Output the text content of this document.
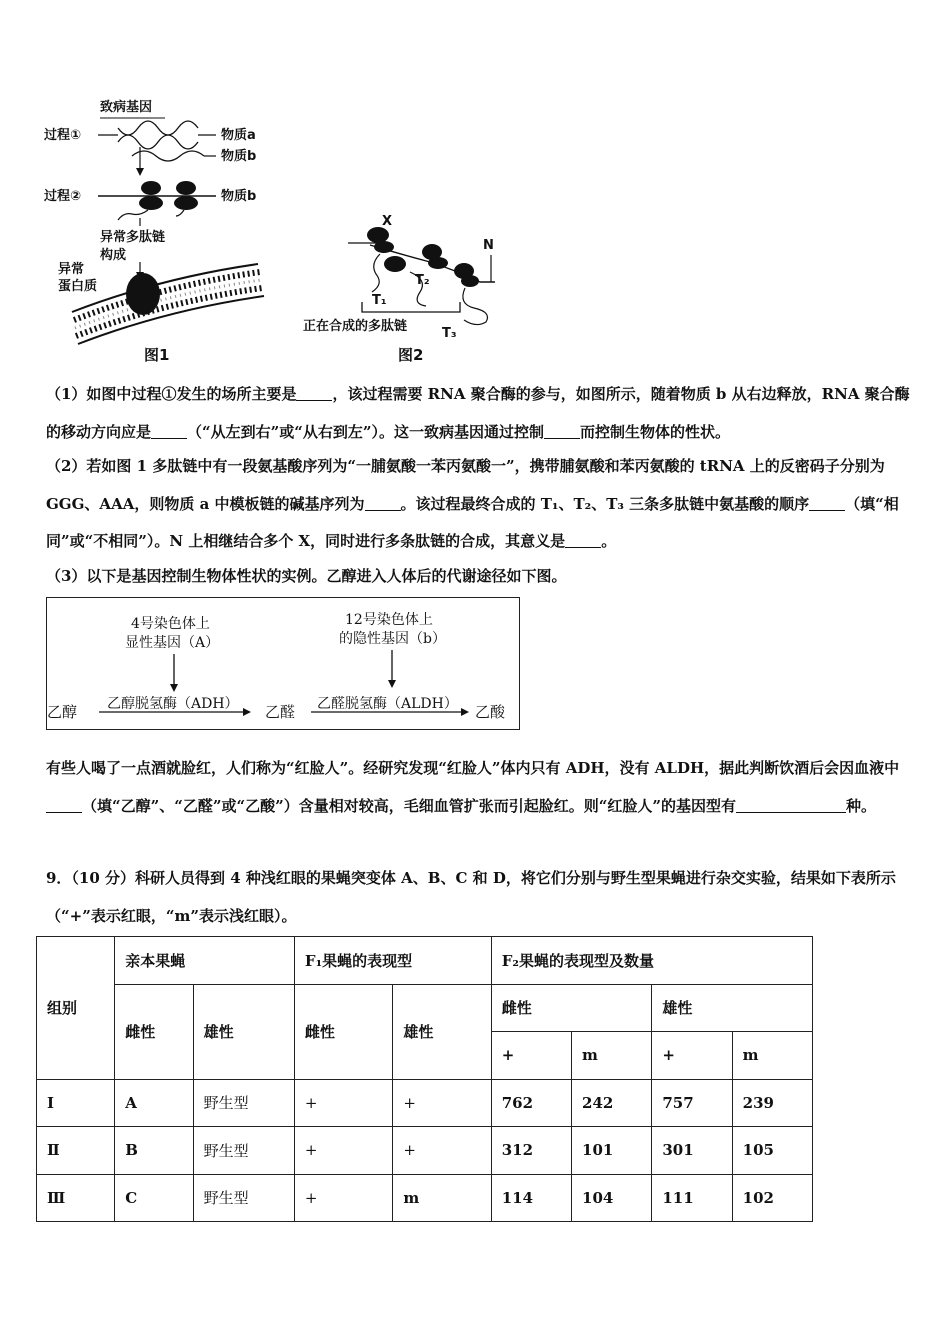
致病基因
过程①	物质a
物质b
过程②	物质b
异常多肽链
构成
异常
蛋白质
图1
X
N
T₁
T₂
T₃
正在合成的多肽链
图2

（1）如图中过程①发生的场所主要是 ，该过程需要 RNA 聚合酶的参与，如图所示，随着物质 b 从右边释放，RNA 聚合酶的移动方向应是 （“从左到右”或“从右到左”）。这一致病基因通过控制 而控制生物体的性状。

（2）若如图 1 多肽链中有一段氨基酸序列为“一脯氨酸一苯丙氨酸一”，携带脯氨酸和苯丙氨酸的 tRNA 上的反密码子分别为 GGG、AAA，则物质 a 中模板链的碱基序列为 。该过程最终合成的 T₁、T₂、T₃ 三条多肽链中氨基酸的顺序 （填“相同”或“不相同”）。N 上相继结合多个 X，同时进行多条肽链的合成，其意义是 。

（3）以下是基因控制生物体性状的实例。乙醇进入人体后的代谢途径如下图。

4号染色体上
显性基因（A）
12号染色体上
的隐性基因（b）
乙醇 乙醇脱氢酶（ADH） 乙醛 乙醛脱氢酶（ALDH） 乙酸

有些人喝了一点酒就脸红，人们称为“红脸人”。经研究发现“红脸人”体内只有 ADH，没有 ALDH，据此判断饮酒后会因血液中（填“乙醇”、“乙醛”或“乙酸”）含量相对较高，毛细血管扩张而引起脸红。则“红脸人”的基因型有	种。

9．（10 分）科研人员得到 4 种浅红眼的果蝇突变体 A、B、C 和 D，将它们分别与野生型果蝇进行杂交实验，结果如下表所示（“+”表示红眼，“m”表示浅红眼）。

组别	亲本果蝇		F₁果蝇的表现型		F₂果蝇的表现型及数量			
	雌性	雄性	雌性	雄性	雌性		雄性	
					+	m	+	m
Ⅰ	A	野生型	+	+	762	242	757	239
Ⅱ	B	野生型	+	+	312	101	301	105
Ⅲ	C	野生型	+	m	114	104	111	102
